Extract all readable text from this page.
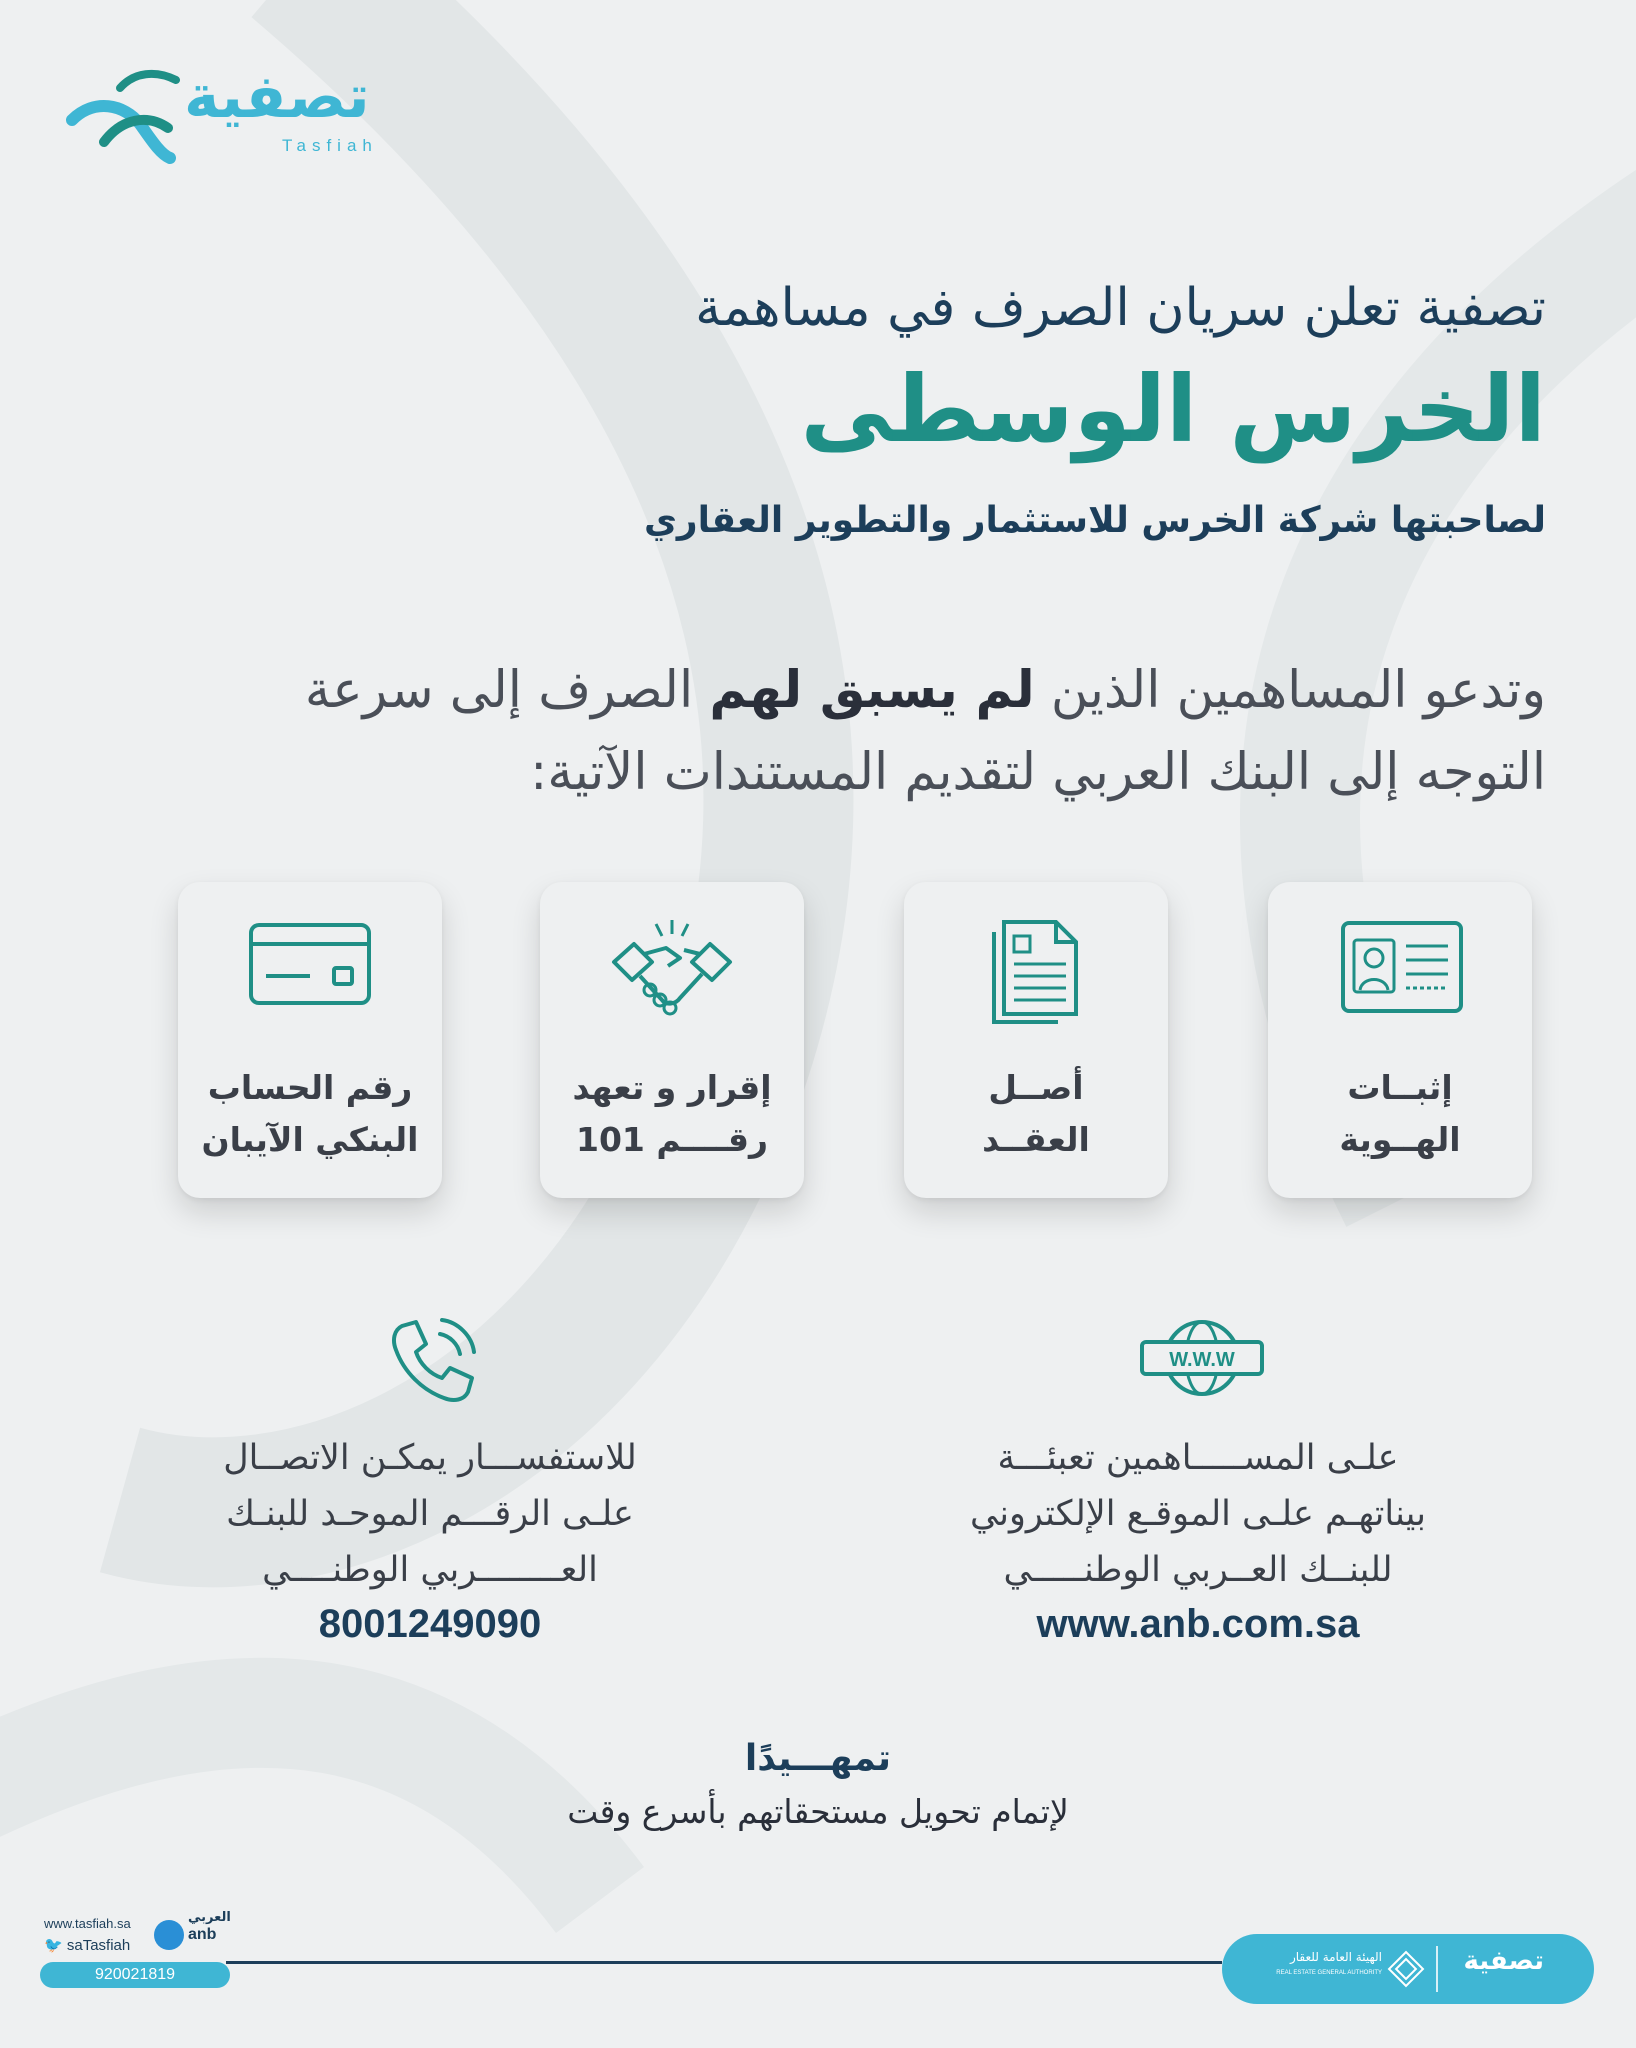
تصفية
Tasfiah
تصفية تعلن سريان الصرف في مساهمة
الخرس الوسطى
لصاحبتها شركة الخرس للاستثمار والتطوير العقاري
وتدعو المساهمين الذين لم يسبق لهم الصرف إلى سرعة التوجه إلى البنك العربي لتقديم المستندات الآتية:
إثبــات
الهــوية
أصــل
العقــد
إقرار و تعهد
رقــــم 101
رقم الحساب
البنكي الآيبان
W.W.W
علـى المســـــاهمين تعبئـــة
بيناتهـم علـى الموقـع الإلكتروني
للبنــك العــربي الوطنـــــي
www.anb.com.sa
للاستفســـار يمكـن الاتصــال
علـى الرقـــم الموحـد للبنـك
العــــــــربي الوطنــــي
8001249090
تمهـــيدًا
لإتمام تحويل مستحقاتهم بأسرع وقت
www.tasfiah.sa
🐦 saTasfiah
العربي
anb
920021819
الهيئة العامة للعقار
REAL ESTATE GENERAL AUTHORITY	تصفية
